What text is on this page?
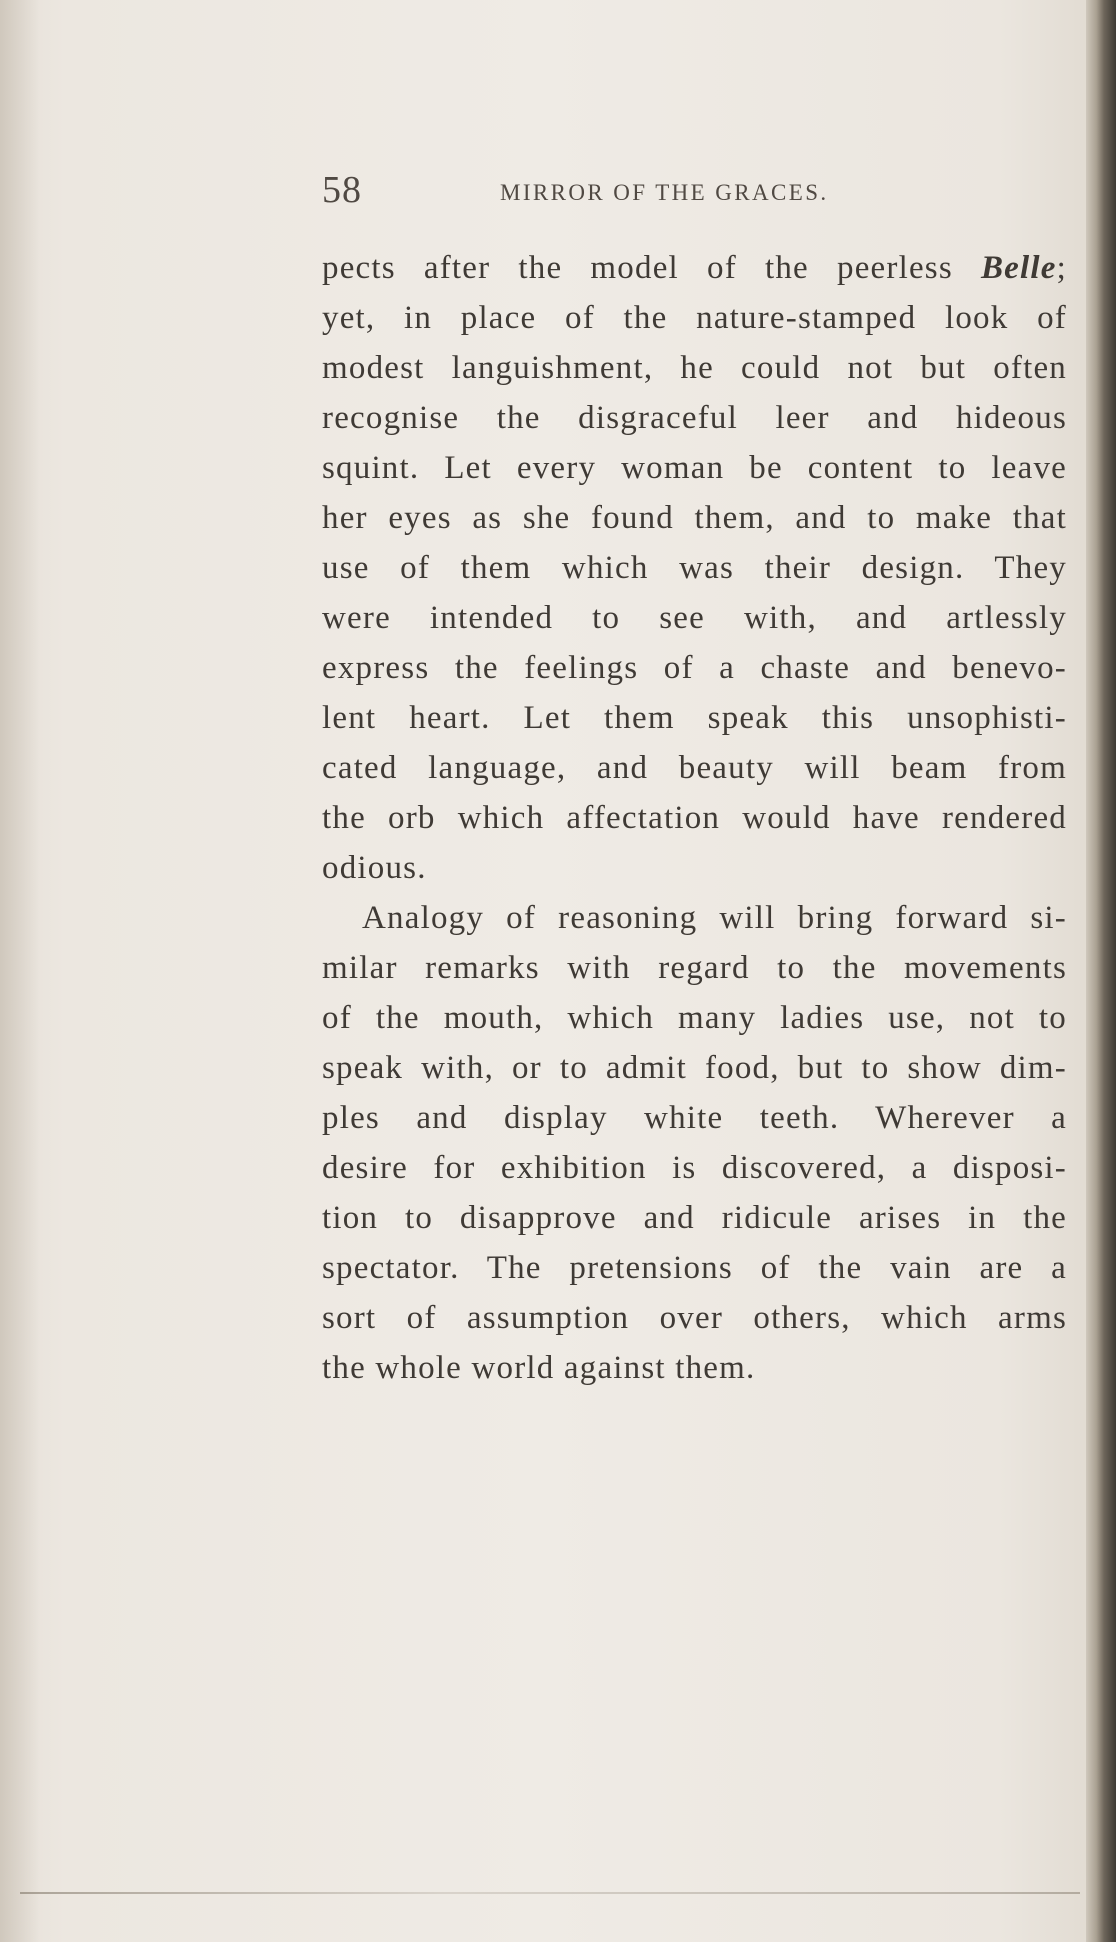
58	MIRROR OF THE GRACES.
pects after the model of the peerless Belle;
yet, in place of the nature-stamped look of
modest languishment, he could not but often
recognise the disgraceful leer and hideous
squint. Let every woman be content to leave
her eyes as she found them, and to make that
use of them which was their design. They
were intended to see with, and artlessly
express the feelings of a chaste and benevo-
lent heart. Let them speak this unsophisti-
cated language, and beauty will beam from
the orb which affectation would have rendered
odious.
Analogy of reasoning will bring forward si-
milar remarks with regard to the movements
of the mouth, which many ladies use, not to
speak with, or to admit food, but to show dim-
ples and display white teeth. Wherever a
desire for exhibition is discovered, a disposi-
tion to disapprove and ridicule arises in the
spectator. The pretensions of the vain are a
sort of assumption over others, which arms
the whole world against them.
